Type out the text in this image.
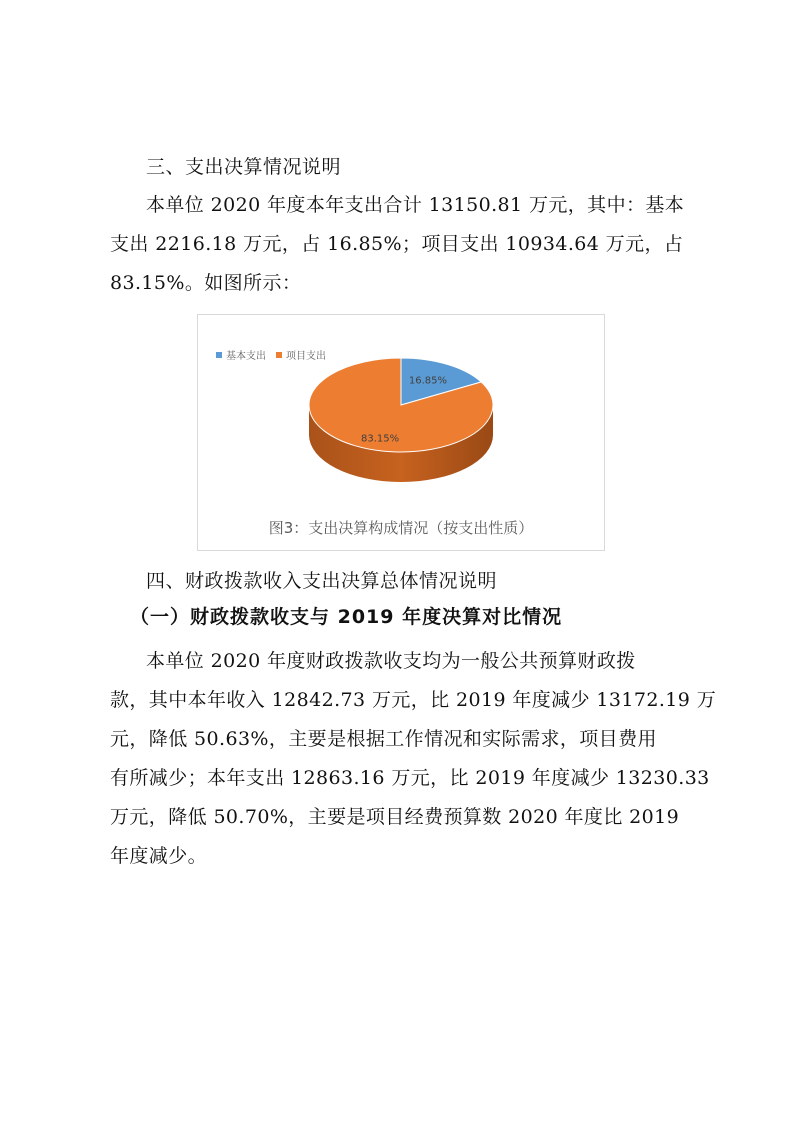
三、支出决算情况说明
本单位 2020 年度本年支出合计 13150.81 万元，其中：基本
支出 2216.18 万元，占 16.85%；项目支出 10934.64 万元，占
83.15%。如图所示：
基本支出 项目支出
16.85%
83.15%
图3：支出决算构成情况（按支出性质）
四、财政拨款收入支出决算总体情况说明
（一）财政拨款收支与 2019 年度决算对比情况
本单位 2020 年度财政拨款收支均为一般公共预算财政拨
款，其中本年收入 12842.73 万元，比 2019 年度减少 13172.19 万
元，降低 50.63%，主要是根据工作情况和实际需求，项目费用
有所减少；本年支出 12863.16 万元，比 2019 年度减少 13230.33
万元，降低 50.70%，主要是项目经费预算数 2020 年度比 2019
年度减少。
